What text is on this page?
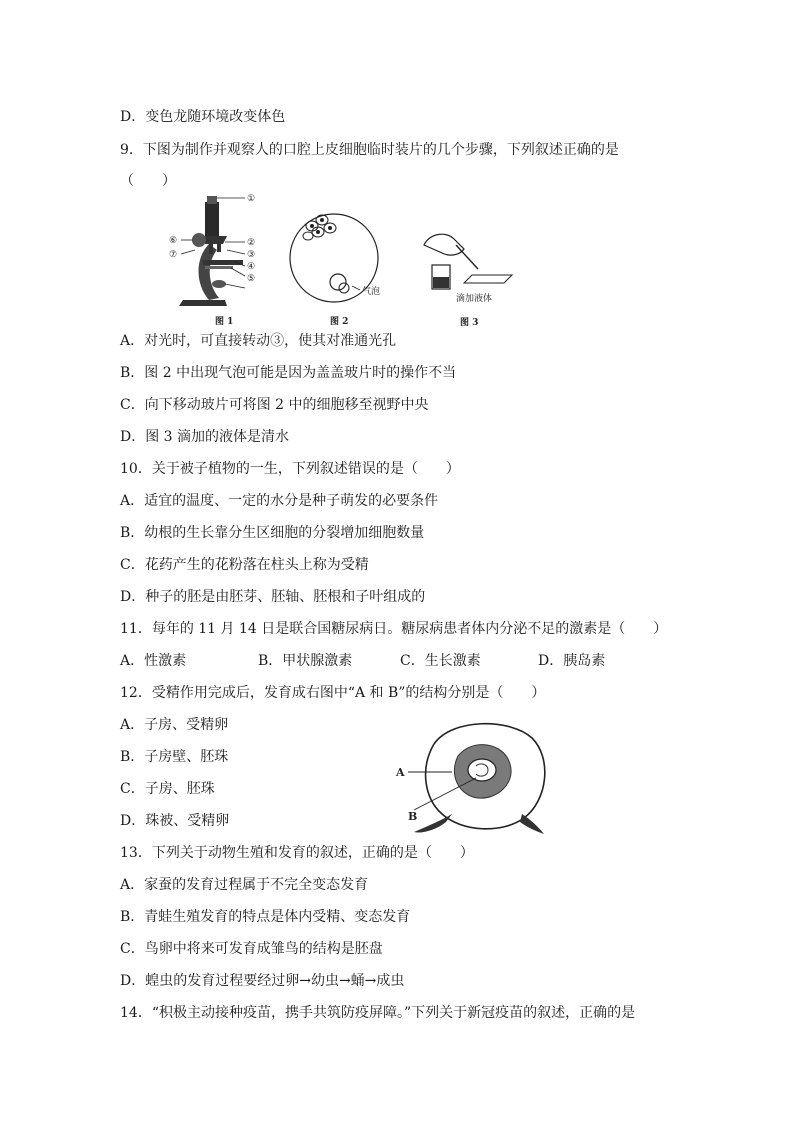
D．变色龙随环境改变体色
9．下图为制作并观察人的口腔上皮细胞临时装片的几个步骤，下列叙述正确的是
（　　）
①
②
③
④
⑤
⑥
⑦
图 1
气泡
图 2
滴加液体
图 3
A．对光时，可直接转动③，使其对准通光孔
B．图 2 中出现气泡可能是因为盖盖玻片时的操作不当
C．向下移动玻片可将图 2 中的细胞移至视野中央
D．图 3 滴加的液体是清水
10．关于被子植物的一生，下列叙述错误的是（　　）
A．适宜的温度、一定的水分是种子萌发的必要条件
B．幼根的生长靠分生区细胞的分裂增加细胞数量
C．花药产生的花粉落在柱头上称为受精
D．种子的胚是由胚芽、胚轴、胚根和子叶组成的
11．每年的 11 月 14 日是联合国糖尿病日。糖尿病患者体内分泌不足的激素是（　　）
A．性激素	B．甲状腺激素	C．生长激素	D．胰岛素
12．受精作用完成后，发育成右图中“A 和 B”的结构分别是（　　）
A．子房、受精卵
B．子房壁、胚珠
C．子房、胚珠
D．珠被、受精卵
A
B
13．下列关于动物生殖和发育的叙述，正确的是（　　）
A．家蚕的发育过程属于不完全变态发育
B．青蛙生殖发育的特点是体内受精、变态发育
C．鸟卵中将来可发育成雏鸟的结构是胚盘
D．蝗虫的发育过程要经过卵→幼虫→蛹→成虫
14．“积极主动接种疫苗，携手共筑防疫屏障。”下列关于新冠疫苗的叙述，正确的是
